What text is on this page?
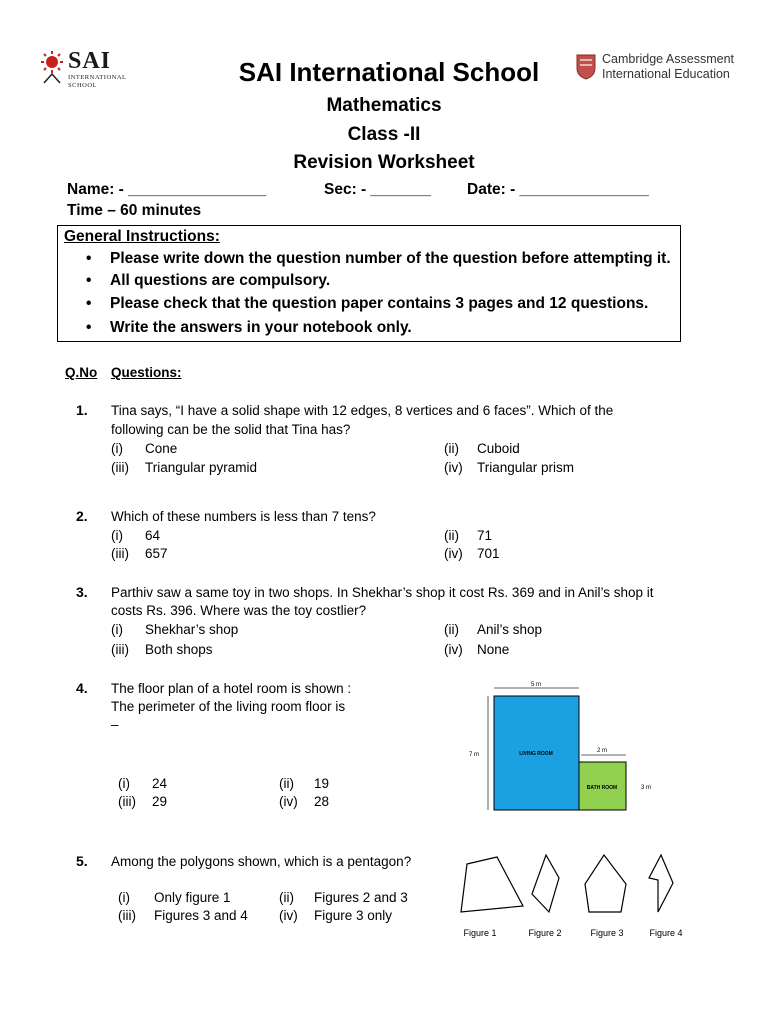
SAI
INTERNATIONAL SCHOOL
Cambridge Assessment
International Education
SAI International School
Mathematics
Class -II
Revision Worksheet
Name: - ________________	Sec: - _______ Date: - _______________
Time – 60 minutes
General Instructions:
• Please write down the question number of the question before attempting it.
• All questions are compulsory.
• Please check that the question paper contains 3 pages and 12 questions.
• Write the answers in your notebook only.
Q.No Questions:
1. Tina says, “I have a solid shape with 12 edges, 8 vertices and 6 faces”. Which of the
following can be the solid that Tina has?
(i) Cone	(ii) Cuboid
(iii) Triangular pyramid	(iv) Triangular prism
2. Which of these numbers is less than 7 tens?
(i) 64	(ii) 71
(iii) 657	(iv) 701
3. Parthiv saw a same toy in two shops. In Shekhar’s shop it cost Rs. 369 and in Anil’s shop it
costs Rs. 396. Where was the toy costlier?
(i) Shekhar’s shop	(ii) Anil’s shop
(iii) Both shops	(iv) None
4. The floor plan of a hotel room is shown :
The perimeter of the living room floor is
–
(i) 24	(ii) 19
(iii) 29	(iv) 28
5 m
7 m	LIVING ROOM	2 m
BATH ROOM	3 m
5. Among the polygons shown, which is a pentagon?
(i) Only figure 1	(ii) Figures 2 and 3
(iii) Figures 3 and 4 (iv) Figure 3 only
Figure 1	Figure 2	Figure 3	Figure 4
